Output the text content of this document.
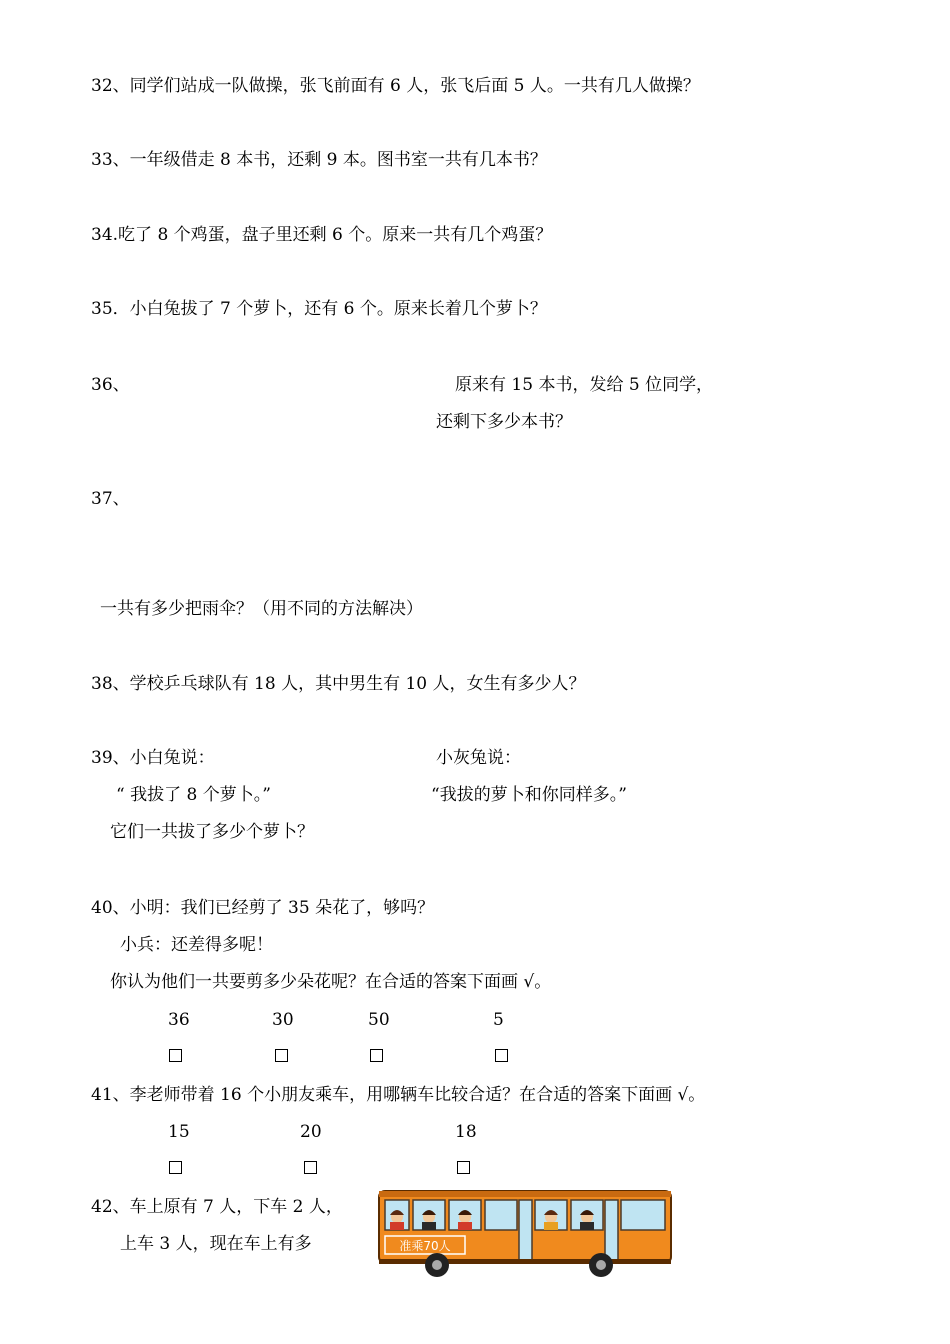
32、同学们站成一队做操，张飞前面有 6 人，张飞后面 5 人。一共有几人做操？
33、一年级借走 8 本书，还剩 9 本。图书室一共有几本书？
34.吃了 8 个鸡蛋，盘子里还剩 6 个。原来一共有几个鸡蛋？
35．小白兔拔了 7 个萝卜，还有 6 个。原来长着几个萝卜？
36、	原来有 15 本书，发给 5 位同学，
还剩下多少本书？
37、
一共有多少把雨伞？（用不同的方法解决）
38、学校乒乓球队有 18 人，其中男生有 10 人，女生有多少人？
39、小白兔说：	小灰兔说：
“ 我拔了 8 个萝卜。”	“我拔的萝卜和你同样多。”
它们一共拔了多少个萝卜？
40、小明：我们已经剪了 35 朵花了，够吗？
小兵：还差得多呢！
你认为他们一共要剪多少朵花呢？在合适的答案下面画 √。
36	30	50	5
41、李老师带着 16 个小朋友乘车，用哪辆车比较合适？在合适的答案下面画 √。
15	20	18
42、车上原有 7 人，下车 2 人，
上车 3 人，现在车上有多	准乘70人
